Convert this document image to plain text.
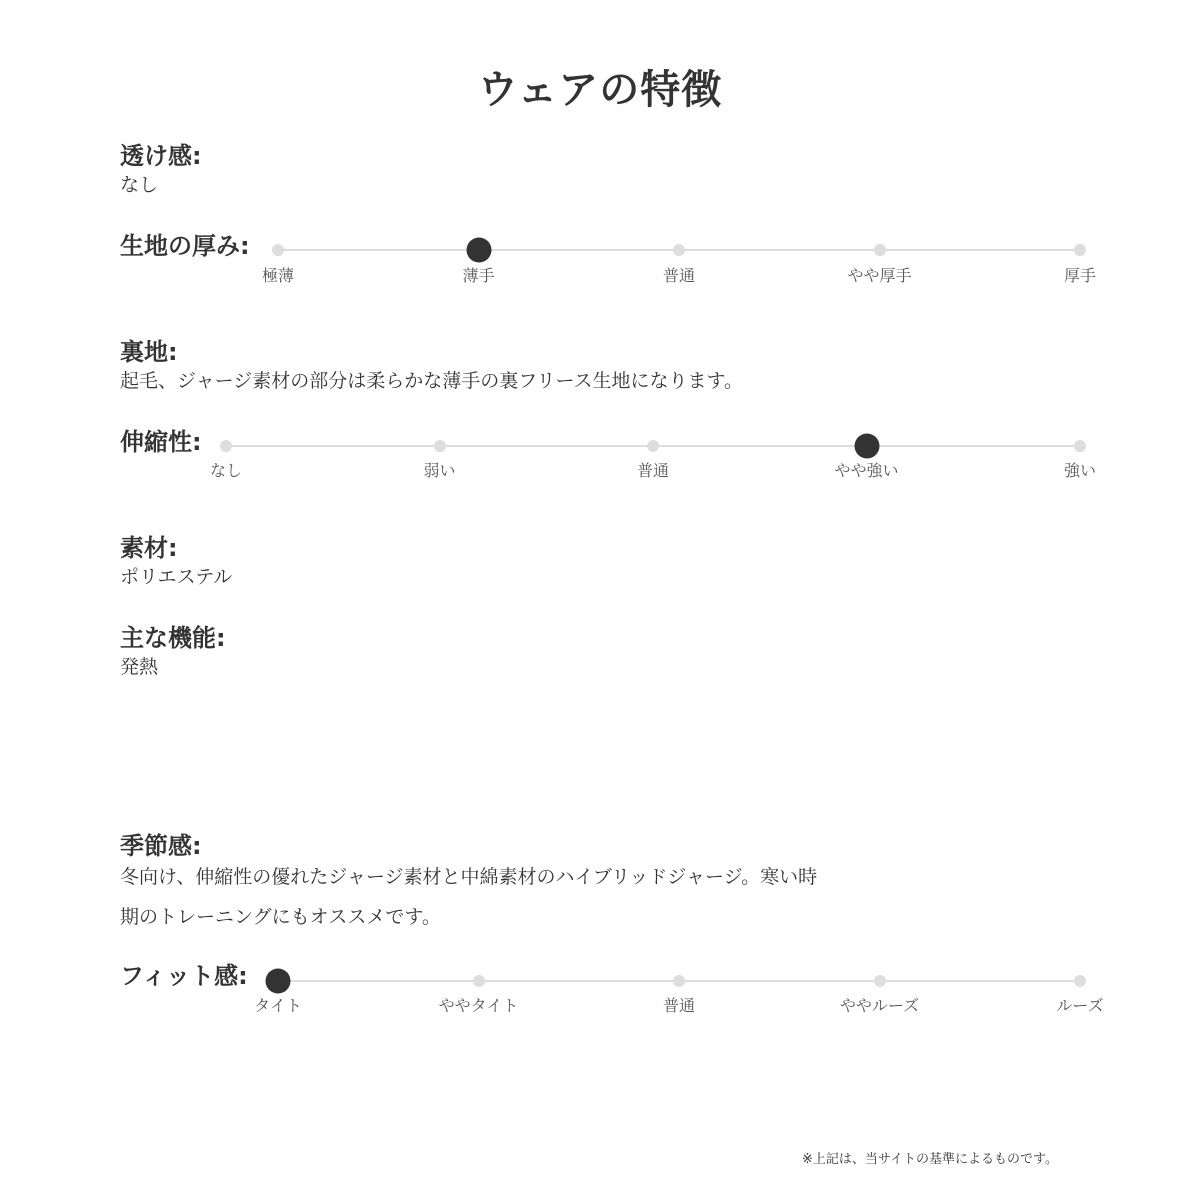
ウェアの特徴
透け感:
なし
生地の厚み:
裏地:
起毛、ジャージ素材の部分は柔らかな薄手の裏フリース生地になります。
伸縮性:
素材:
ポリエステル
主な機能:
発熱
季節感:
冬向け、伸縮性の優れたジャージ素材と中綿素材のハイブリッドジャージ。寒い時
期のトレーニングにもオススメです。
フィット感:
※上記は、当サイトの基準によるものです。
極薄	薄手	普通	やや厚手	厚手
なし	弱い	普通	やや強い	強い
タイト	ややタイト	普通	ややルーズ	ルーズ
